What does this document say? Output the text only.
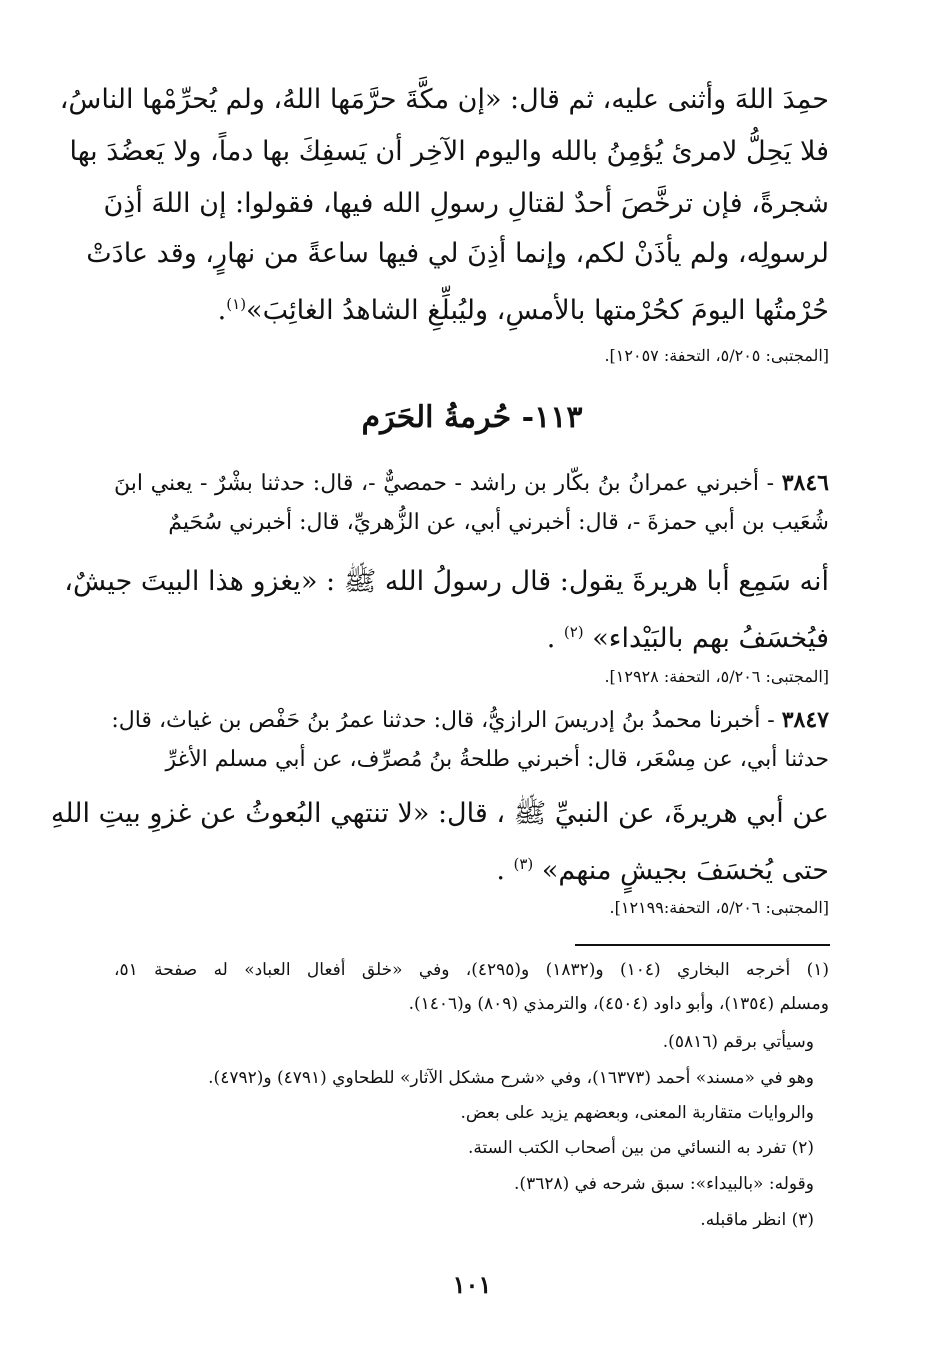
حمِدَ اللهَ وأثنى عليه، ثم قال: «إن مكَّةَ حرَّمَها اللهُ، ولم يُحرِّمْها الناسُ،
فلا يَحِلُّ لامرئ يُؤمِنُ بالله واليوم الآخِر أن يَسفِكَ بها دماً، ولا يَعضُدَ بها
شجرةً، فإن ترخَّصَ أحدٌ لقتالِ رسولِ الله فيها، فقولوا: إن اللهَ أذِنَ
لرسولِه، ولم يأذَنْ لكم، وإنما أذِنَ لي فيها ساعةً من نهارٍ، وقد عادَتْ
حُرْمتُها اليومَ كحُرْمتها بالأمسِ، وليُبلِّغِ الشاهدُ الغائِبَ»$^{(١)}$.
[المجتبى: ٥/٢٠٥، التحفة: ١٢٠٥٧].
١١٣- حُرمةُ الحَرَم
٣٨٤٦ - أخبرني عمرانُ بنُ بكّار بن راشد - حمصيٌّ -، قال: حدثنا بشْرٌ - يعني ابنَ
شُعَيب بن أبي حمزةَ -، قال: أخبرني أبي، عن الزُّهريِّ، قال: أخبرني سُحَيمٌ
أنه سَمِع أبا هريرةَ يقول: قال رسولُ الله ﷺ : «يغزو هذا البيتَ جيشٌ،
فيُخسَفُ بهم بالبَيْداء» $^{(٢)}$ .
[المجتبى: ٥/٢٠٦، التحفة: ١٢٩٢٨].
٣٨٤٧ - أخبرنا محمدُ بنُ إدريسَ الرازيُّ، قال: حدثنا عمرُ بنُ حَفْص بن غياث، قال:
حدثنا أبي، عن مِسْعَر، قال: أخبرني طلحةُ بنُ مُصرِّف، عن أبي مسلم الأغرِّ
عن أبي هريرةَ، عن النبيِّ ﷺ ، قال: «لا تنتهي البُعوثُ عن غزوِ بيتِ اللهِ
حتى يُخسَفَ بجيشٍ منهم» $^{(٣)}$ .
[المجتبى: ٥/٢٠٦، التحفة:١٢١٩٩].
(١) أخرجه البخاري (١٠٤) و(١٨٣٢) و(٤٢٩٥)، وفي «خلق أفعال العباد» له صفحة ٥١،
ومسلم (١٣٥٤)، وأبو داود (٤٥٠٤)، والترمذي (٨٠٩) و(١٤٠٦).
وسيأتي برقم (٥٨١٦).
وهو في «مسند» أحمد (١٦٣٧٣)، وفي «شرح مشكل الآثار» للطحاوي (٤٧٩١) و(٤٧٩٢).
والروايات متقاربة المعنى، وبعضهم يزيد على بعض.
(٢) تفرد به النسائي من بين أصحاب الكتب الستة.
وقوله: «بالبيداء»: سبق شرحه في (٣٦٢٨).
(٣) انظر ماقبله.
١٠١
